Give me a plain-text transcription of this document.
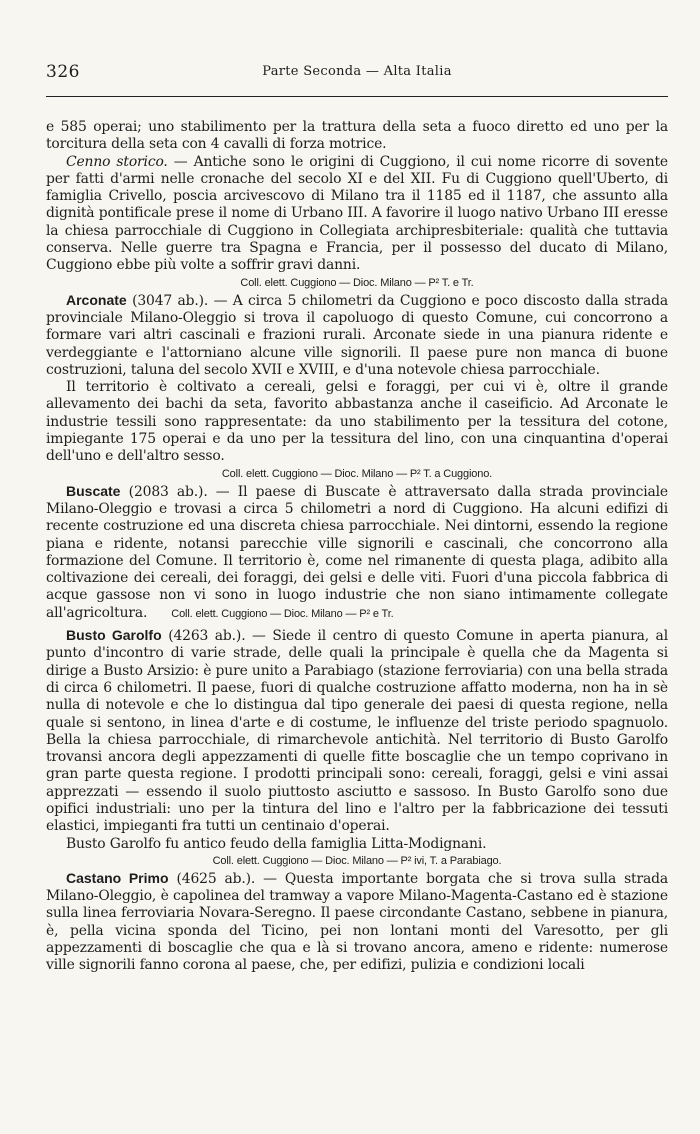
326	Parte Seconda — Alta Italia

e 585 operai; uno stabilimento per la trattura della seta a fuoco diretto ed uno per la torcitura della seta con 4 cavalli di forza motrice.

Cenno storico. — Antiche sono le origini di Cuggiono, il cui nome ricorre di sovente per fatti d'armi nelle cronache del secolo XI e del XII. Fu di Cuggiono quell'Uberto, di famiglia Crivello, poscia arcivescovo di Milano tra il 1185 ed il 1187, che assunto alla dignità pontificale prese il nome di Urbano III. A favorire il luogo nativo Urbano III eresse la chiesa parrocchiale di Cuggiono in Collegiata archipresbiteriale: qualità che tuttavia conserva. Nelle guerre tra Spagna e Francia, per il possesso del ducato di Milano, Cuggiono ebbe più volte a soffrir gravi danni.

Coll. elett. Cuggiono — Dioc. Milano — P² T. e Tr.

Arconate (3047 ab.). — A circa 5 chilometri da Cuggiono e poco discosto dalla strada provinciale Milano-Oleggio si trova il capoluogo di questo Comune, cui concorrono a formare vari altri cascinali e frazioni rurali. Arconate siede in una pianura ridente e verdeggiante e l'attorniano alcune ville signorili. Il paese pure non manca di buone costruzioni, taluna del secolo XVII e XVIII, e d'una notevole chiesa parrocchiale.

Il territorio è coltivato a cereali, gelsi e foraggi, per cui vi è, oltre il grande allevamento dei bachi da seta, favorito abbastanza anche il caseificio. Ad Arconate le industrie tessili sono rappresentate: da uno stabilimento per la tessitura del cotone, impiegante 175 operai e da uno per la tessitura del lino, con una cinquantina d'operai dell'uno e dell'altro sesso.

Coll. elett. Cuggiono — Dioc. Milano — P² T. a Cuggiono.

Buscate (2083 ab.). — Il paese di Buscate è attraversato dalla strada provinciale Milano-Oleggio e trovasi a circa 5 chilometri a nord di Cuggiono. Ha alcuni edifizi di recente costruzione ed una discreta chiesa parrocchiale. Nei dintorni, essendo la regione piana e ridente, notansi parecchie ville signorili e cascinali, che concorrono alla formazione del Comune. Il territorio è, come nel rimanente di questa plaga, adibito alla coltivazione dei cereali, dei foraggi, dei gelsi e delle viti. Fuori d'una piccola fabbrica di acque gassose non vi sono in luogo industrie che non siano intimamente collegate all'agricoltura. Coll. elett. Cuggiono — Dioc. Milano — P² e Tr.

Busto Garolfo (4263 ab.). — Siede il centro di questo Comune in aperta pianura, al punto d'incontro di varie strade, delle quali la principale è quella che da Magenta si dirige a Busto Arsizio: è pure unito a Parabiago (stazione ferroviaria) con una bella strada di circa 6 chilometri. Il paese, fuori di qualche costruzione affatto moderna, non ha in sè nulla di notevole e che lo distingua dal tipo generale dei paesi di questa regione, nella quale si sentono, in linea d'arte e di costume, le influenze del triste periodo spagnuolo. Bella la chiesa parrocchiale, di rimarchevole antichità. Nel territorio di Busto Garolfo trovansi ancora degli appezzamenti di quelle fitte boscaglie che un tempo coprivano in gran parte questa regione. I prodotti principali sono: cereali, foraggi, gelsi e vini assai apprezzati — essendo il suolo piuttosto asciutto e sassoso. In Busto Garolfo sono due opifici industriali: uno per la tintura del lino e l'altro per la fabbricazione dei tessuti elastici, impieganti fra tutti un centinaio d'operai.

Busto Garolfo fu antico feudo della famiglia Litta-Modignani.

Coll. elett. Cuggiono — Dioc. Milano — P² ivi, T. a Parabiago.

Castano Primo (4625 ab.). — Questa importante borgata che si trova sulla strada Milano-Oleggio, è capolinea del tramway a vapore Milano-Magenta-Castano ed è stazione sulla linea ferroviaria Novara-Seregno. Il paese circondante Castano, sebbene in pianura, è, pella vicina sponda del Ticino, pei non lontani monti del Varesotto, per gli appezzamenti di boscaglie che qua e là si trovano ancora, ameno e ridente: numerose ville signorili fanno corona al paese, che, per edifizi, pulizia e condizioni locali
